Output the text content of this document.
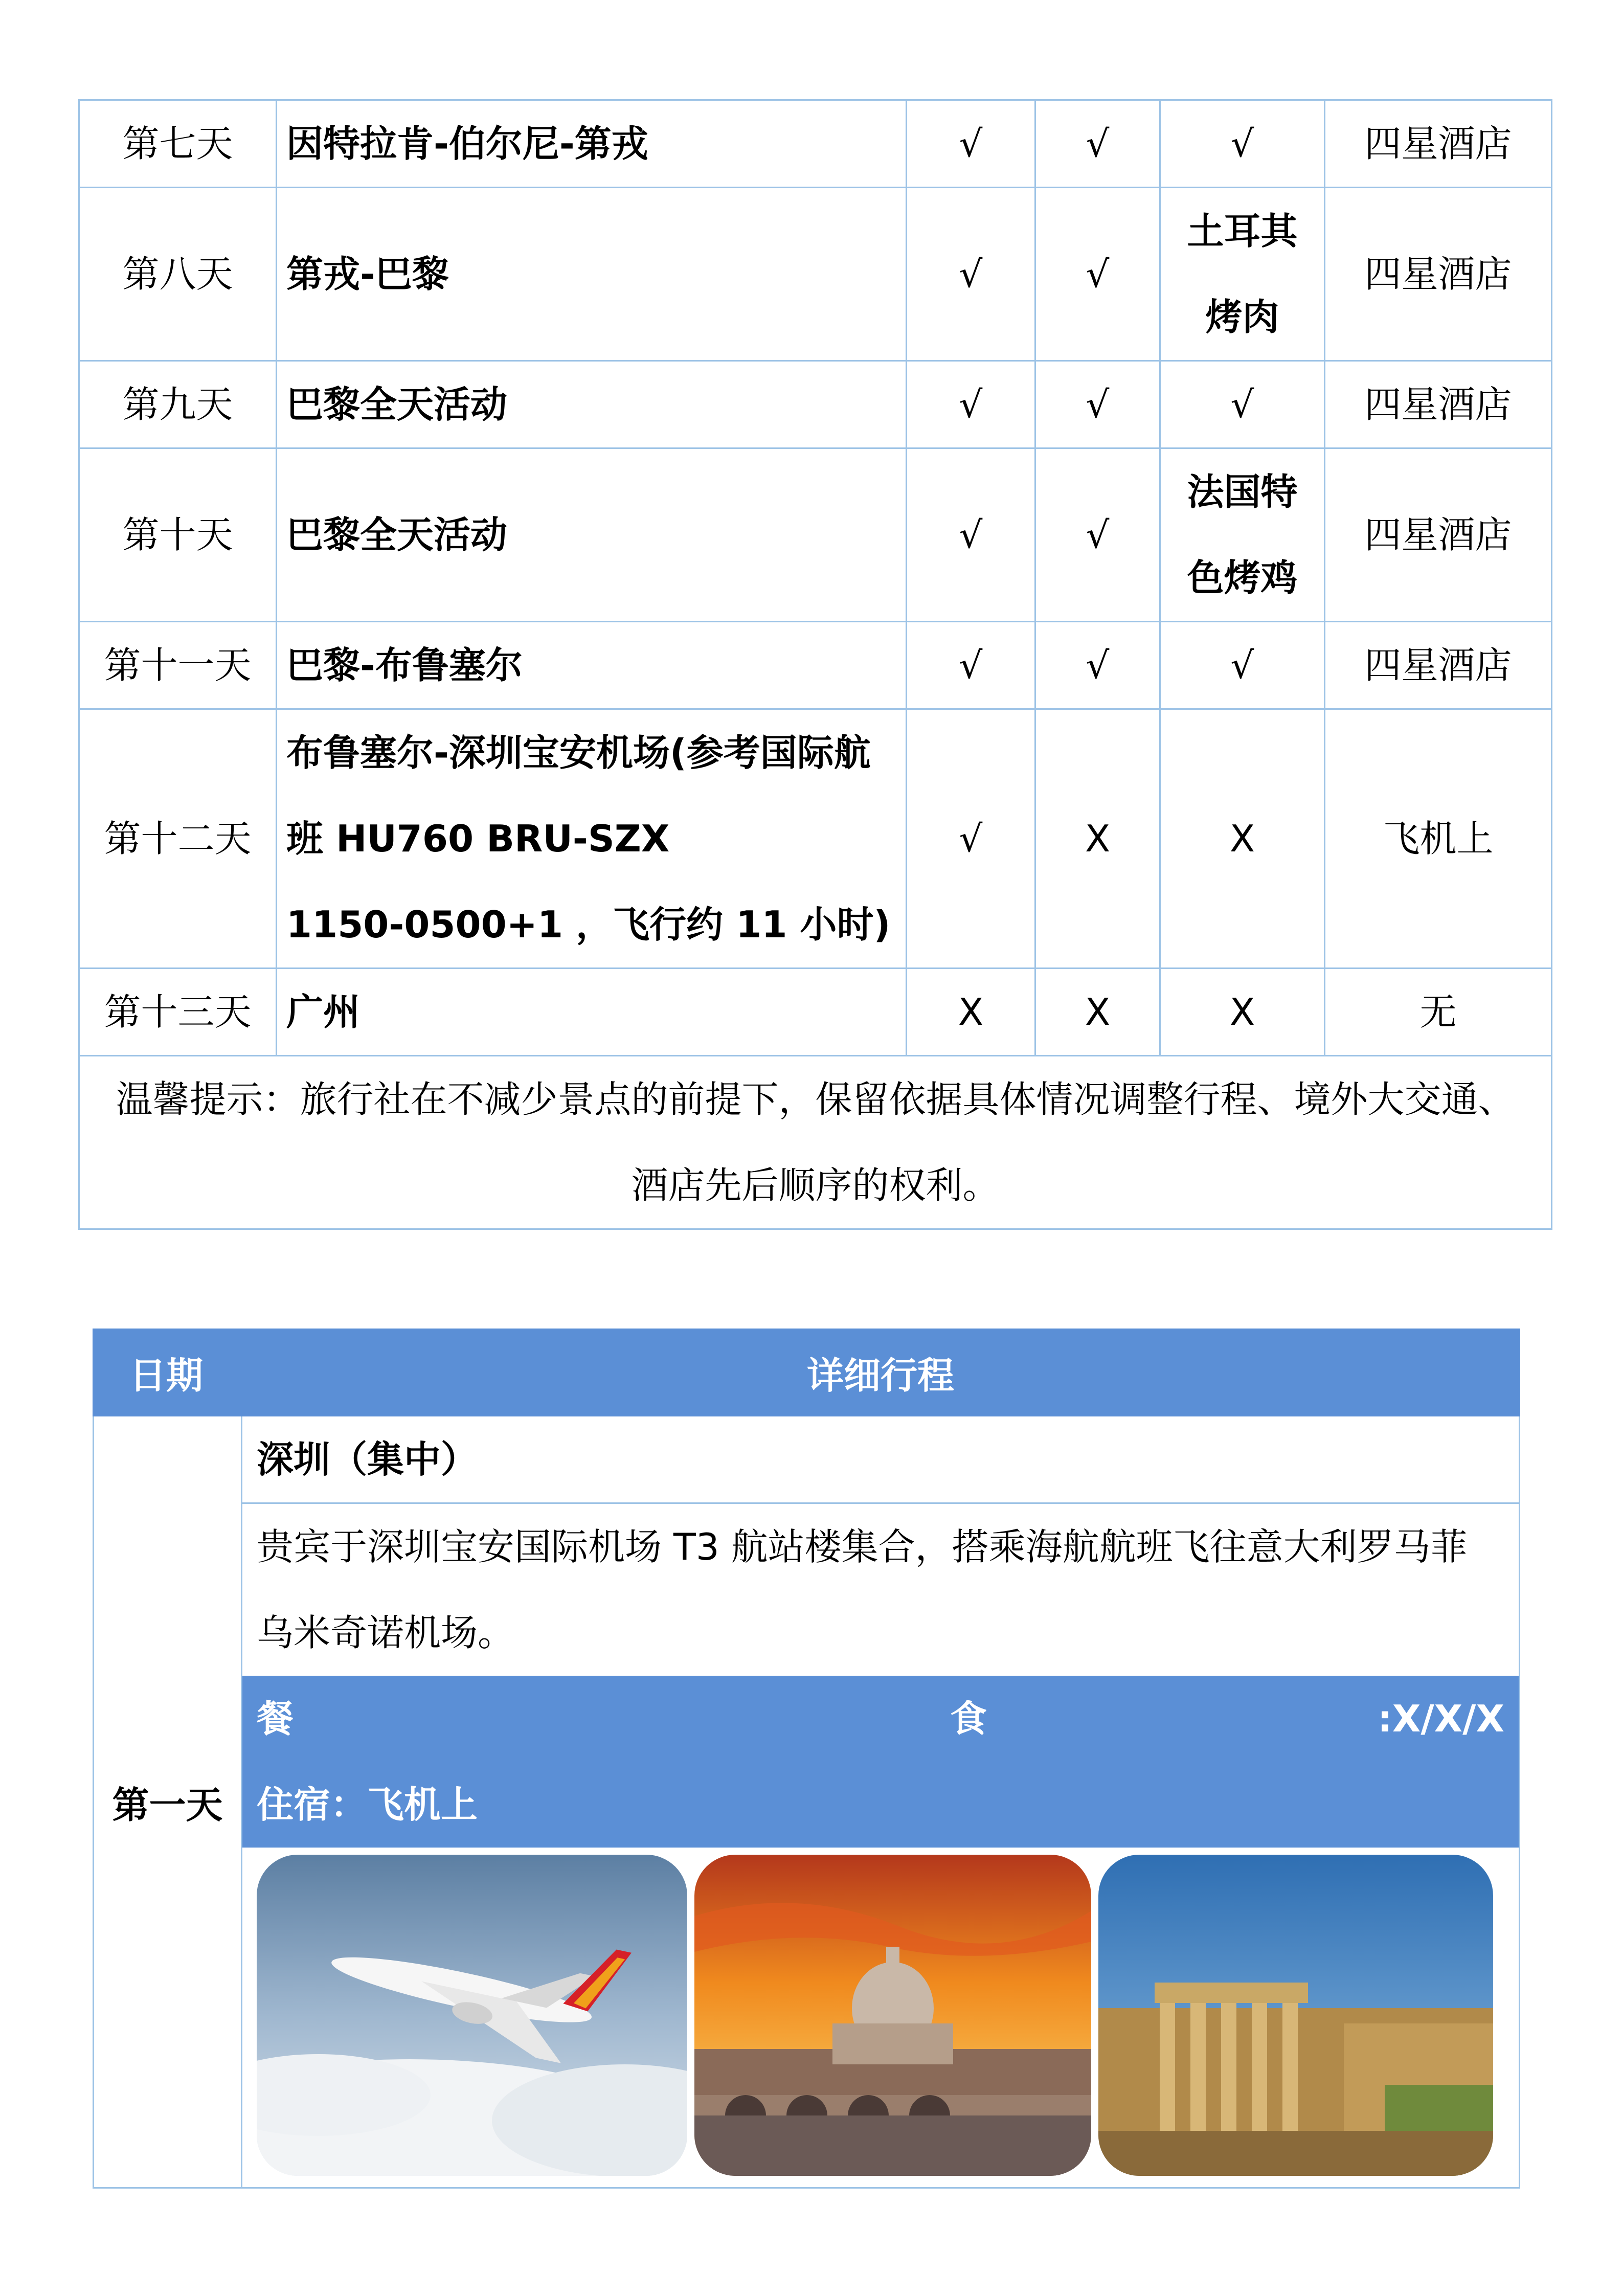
第七天	因特拉肯-伯尔尼-第戎	√	√	√	四星酒店
第八天	第戎-巴黎	√	√	土耳其
烤肉	四星酒店
第九天	巴黎全天活动	√	√	√	四星酒店
第十天	巴黎全天活动	√	√	法国特
色烤鸡	四星酒店
第十一天	巴黎-布鲁塞尔	√	√	√	四星酒店
第十二天	布鲁塞尔-深圳宝安机场(参考国际航
班 HU760 BRU-SZX
1150-0500+1 ，飞行约 11 小时)	√	X	X	飞机上
第十三天	广州	X	X	X	无

温馨提示：旅行社在不减少景点的前提下，保留依据具体情况调整行程、境外大交通、
酒店先后顺序的权利。					
日期	详细行程
第一天
深圳（集中）
贵宾于深圳宝安国际机场 T3 航站楼集合，搭乘海航航班飞往意大利罗马菲
乌米奇诺机场。
餐	食	:X/X/X
住宿：飞机上
